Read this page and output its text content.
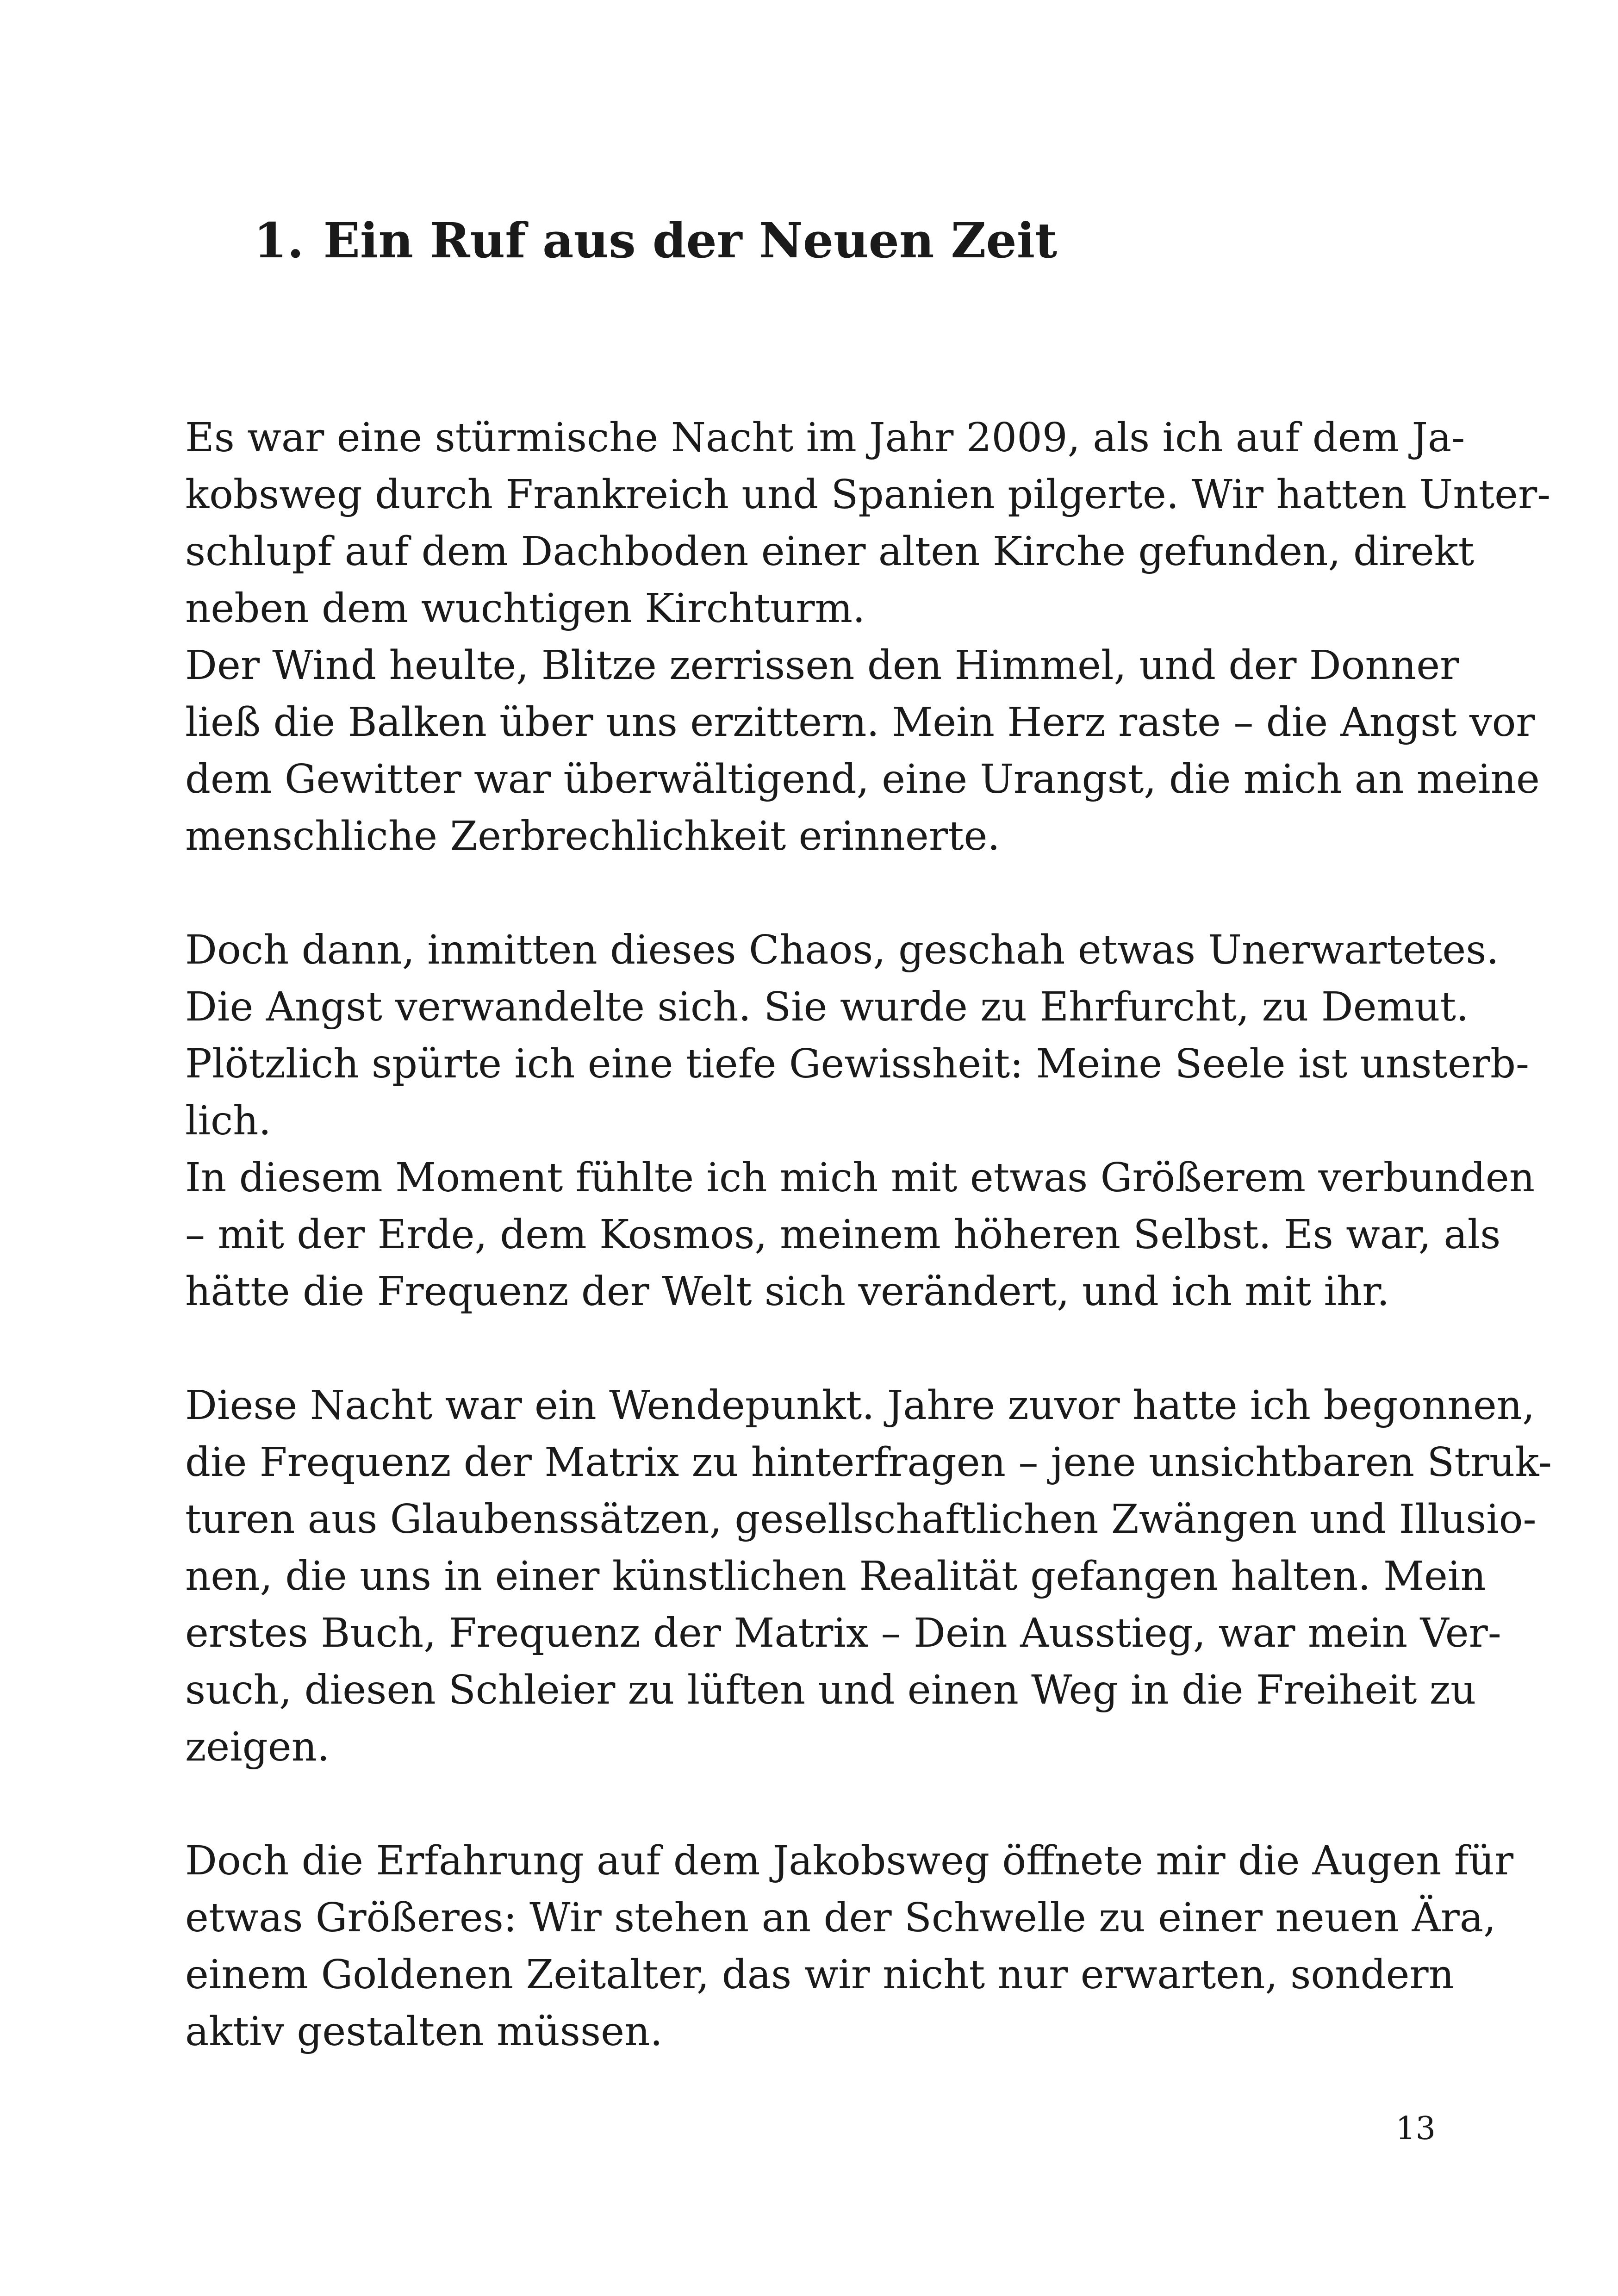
1. Ein Ruf aus der Neuen Zeit
Es war eine stürmische Nacht im Jahr 2009, als ich auf dem Ja-
kobsweg durch Frankreich und Spanien pilgerte. Wir hatten Unter-
schlupf auf dem Dachboden einer alten Kirche gefunden, direkt
neben dem wuchtigen Kirchturm.
Der Wind heulte, Blitze zerrissen den Himmel, und der Donner
ließ die Balken über uns erzittern. Mein Herz raste – die Angst vor
dem Gewitter war überwältigend, eine Urangst, die mich an meine
menschliche Zerbrechlichkeit erinnerte.
Doch dann, inmitten dieses Chaos, geschah etwas Unerwartetes.
Die Angst verwandelte sich. Sie wurde zu Ehrfurcht, zu Demut.
Plötzlich spürte ich eine tiefe Gewissheit: Meine Seele ist unsterb-
lich.
In diesem Moment fühlte ich mich mit etwas Größerem verbunden
– mit der Erde, dem Kosmos, meinem höheren Selbst. Es war, als
hätte die Frequenz der Welt sich verändert, und ich mit ihr.
Diese Nacht war ein Wendepunkt. Jahre zuvor hatte ich begonnen,
die Frequenz der Matrix zu hinterfragen – jene unsichtbaren Struk-
turen aus Glaubenssätzen, gesellschaftlichen Zwängen und Illusio-
nen, die uns in einer künstlichen Realität gefangen halten. Mein
erstes Buch, Frequenz der Matrix – Dein Ausstieg, war mein Ver-
such, diesen Schleier zu lüften und einen Weg in die Freiheit zu
zeigen.
Doch die Erfahrung auf dem Jakobsweg öffnete mir die Augen für
etwas Größeres: Wir stehen an der Schwelle zu einer neuen Ära,
einem Goldenen Zeitalter, das wir nicht nur erwarten, sondern
aktiv gestalten müssen.
13
